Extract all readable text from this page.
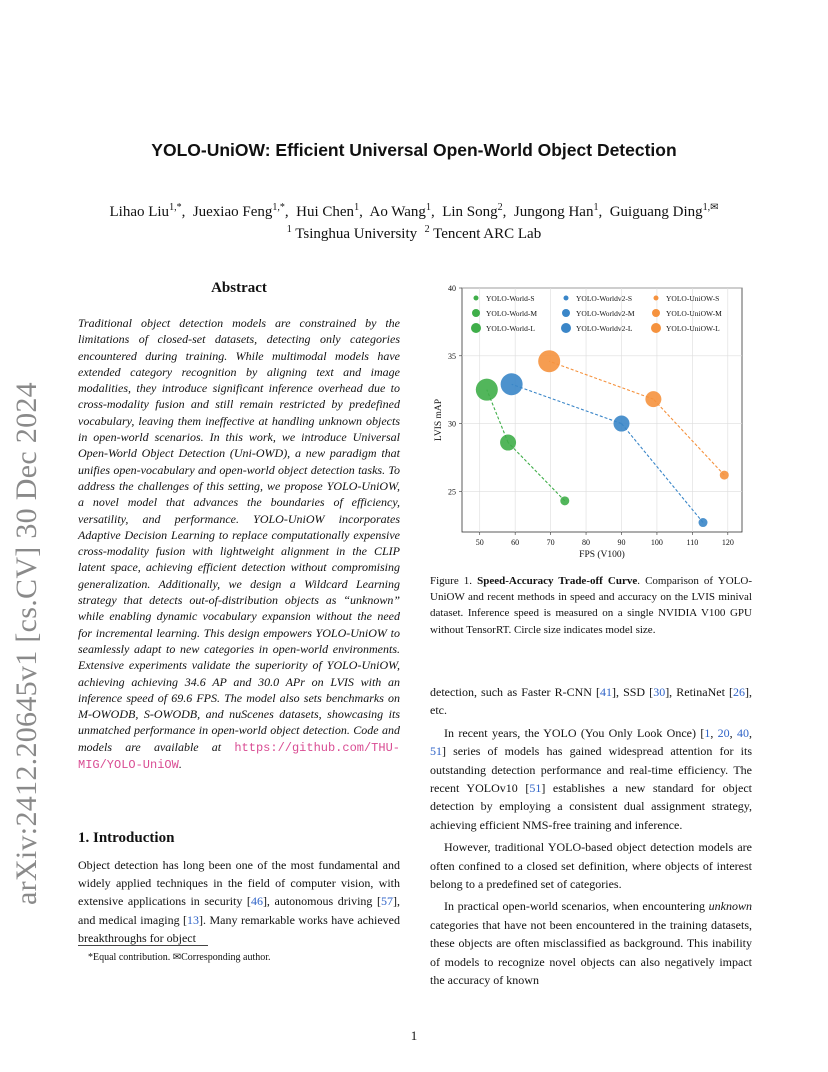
arXiv:2412.20645v1 [cs.CV] 30 Dec 2024
YOLO-UniOW: Efficient Universal Open-World Object Detection
Lihao Liu$^{1,*}$,  Juexiao Feng$^{1,*}$,  Hui Chen$^1$,  Ao Wang$^1$,  Lin Song$^2$,  Jungong Han$^1$,  Guiguang Ding$^{1,✉}$
$^1$ Tsinghua University $^2$ Tencent ARC Lab
Abstract
Traditional object detection models are constrained by the limitations of closed-set datasets, detecting only categories encountered during training. While multimodal models have extended category recognition by aligning text and image modalities, they introduce significant inference overhead due to cross-modality fusion and still remain restricted by predefined vocabulary, leaving them ineffective at handling unknown objects in open-world scenarios. In this work, we introduce Universal Open-World Object Detection (Uni-OWD), a new paradigm that unifies open-vocabulary and open-world object detection tasks. To address the challenges of this setting, we propose YOLO-UniOW, a novel model that advances the boundaries of efficiency, versatility, and performance. YOLO-UniOW incorporates Adaptive Decision Learning to replace computationally expensive cross-modality fusion with lightweight alignment in the CLIP latent space, achieving efficient detection without compromising generalization. Additionally, we design a Wildcard Learning strategy that detects out-of-distribution objects as “unknown” while enabling dynamic vocabulary expansion without the need for incremental learning. This design empowers YOLO-UniOW to seamlessly adapt to new categories in open-world environments. Extensive experiments validate the superiority of YOLO-UniOW, achieving achieving 34.6 AP and 30.0 APr on LVIS with an inference speed of 69.6 FPS. The model also sets benchmarks on M-OWODB, S-OWODB, and nuScenes datasets, showcasing its unmatched performance in open-world object detection. Code and models are available at https://github.com/THU-MIG/YOLO-UniOW.
1. Introduction
Object detection has long been one of the most fundamental and widely applied techniques in the field of computer vision, with extensive applications in security [46], autonomous driving [57], and medical imaging [13]. Many remarkable works have achieved breakthroughs for object
*Equal contribution. ✉Corresponding author.
50	60	70	80	90	100	110	120
25
30
35
40
FPS (V100)
LVIS mAP
YOLO-World-S
YOLO-World-M
YOLO-World-L
YOLO-Worldv2-S
YOLO-Worldv2-M
YOLO-Worldv2-L
YOLO-UniOW-S
YOLO-UniOW-M
YOLO-UniOW-L
Figure 1. Speed-Accuracy Trade-off Curve. Comparison of YOLO-UniOW and recent methods in speed and accuracy on the LVIS minival dataset. Inference speed is measured on a single NVIDIA V100 GPU without TensorRT. Circle size indicates model size.

detection, such as Faster R-CNN [41], SSD [30], RetinaNet [26], etc.

In recent years, the YOLO (You Only Look Once) [1, 20, 40, 51] series of models has gained widespread attention for its outstanding detection performance and real-time efficiency. The recent YOLOv10 [51] establishes a new standard for object detection by employing a consistent dual assignment strategy, achieving efficient NMS-free training and inference.

However, traditional YOLO-based object detection models are often confined to a closed set definition, where objects of interest belong to a predefined set of categories.

In practical open-world scenarios, when encountering unknown categories that have not been encountered in the training datasets, these objects are often misclassified as background. This inability of models to recognize novel objects can also negatively impact the accuracy of known

1
